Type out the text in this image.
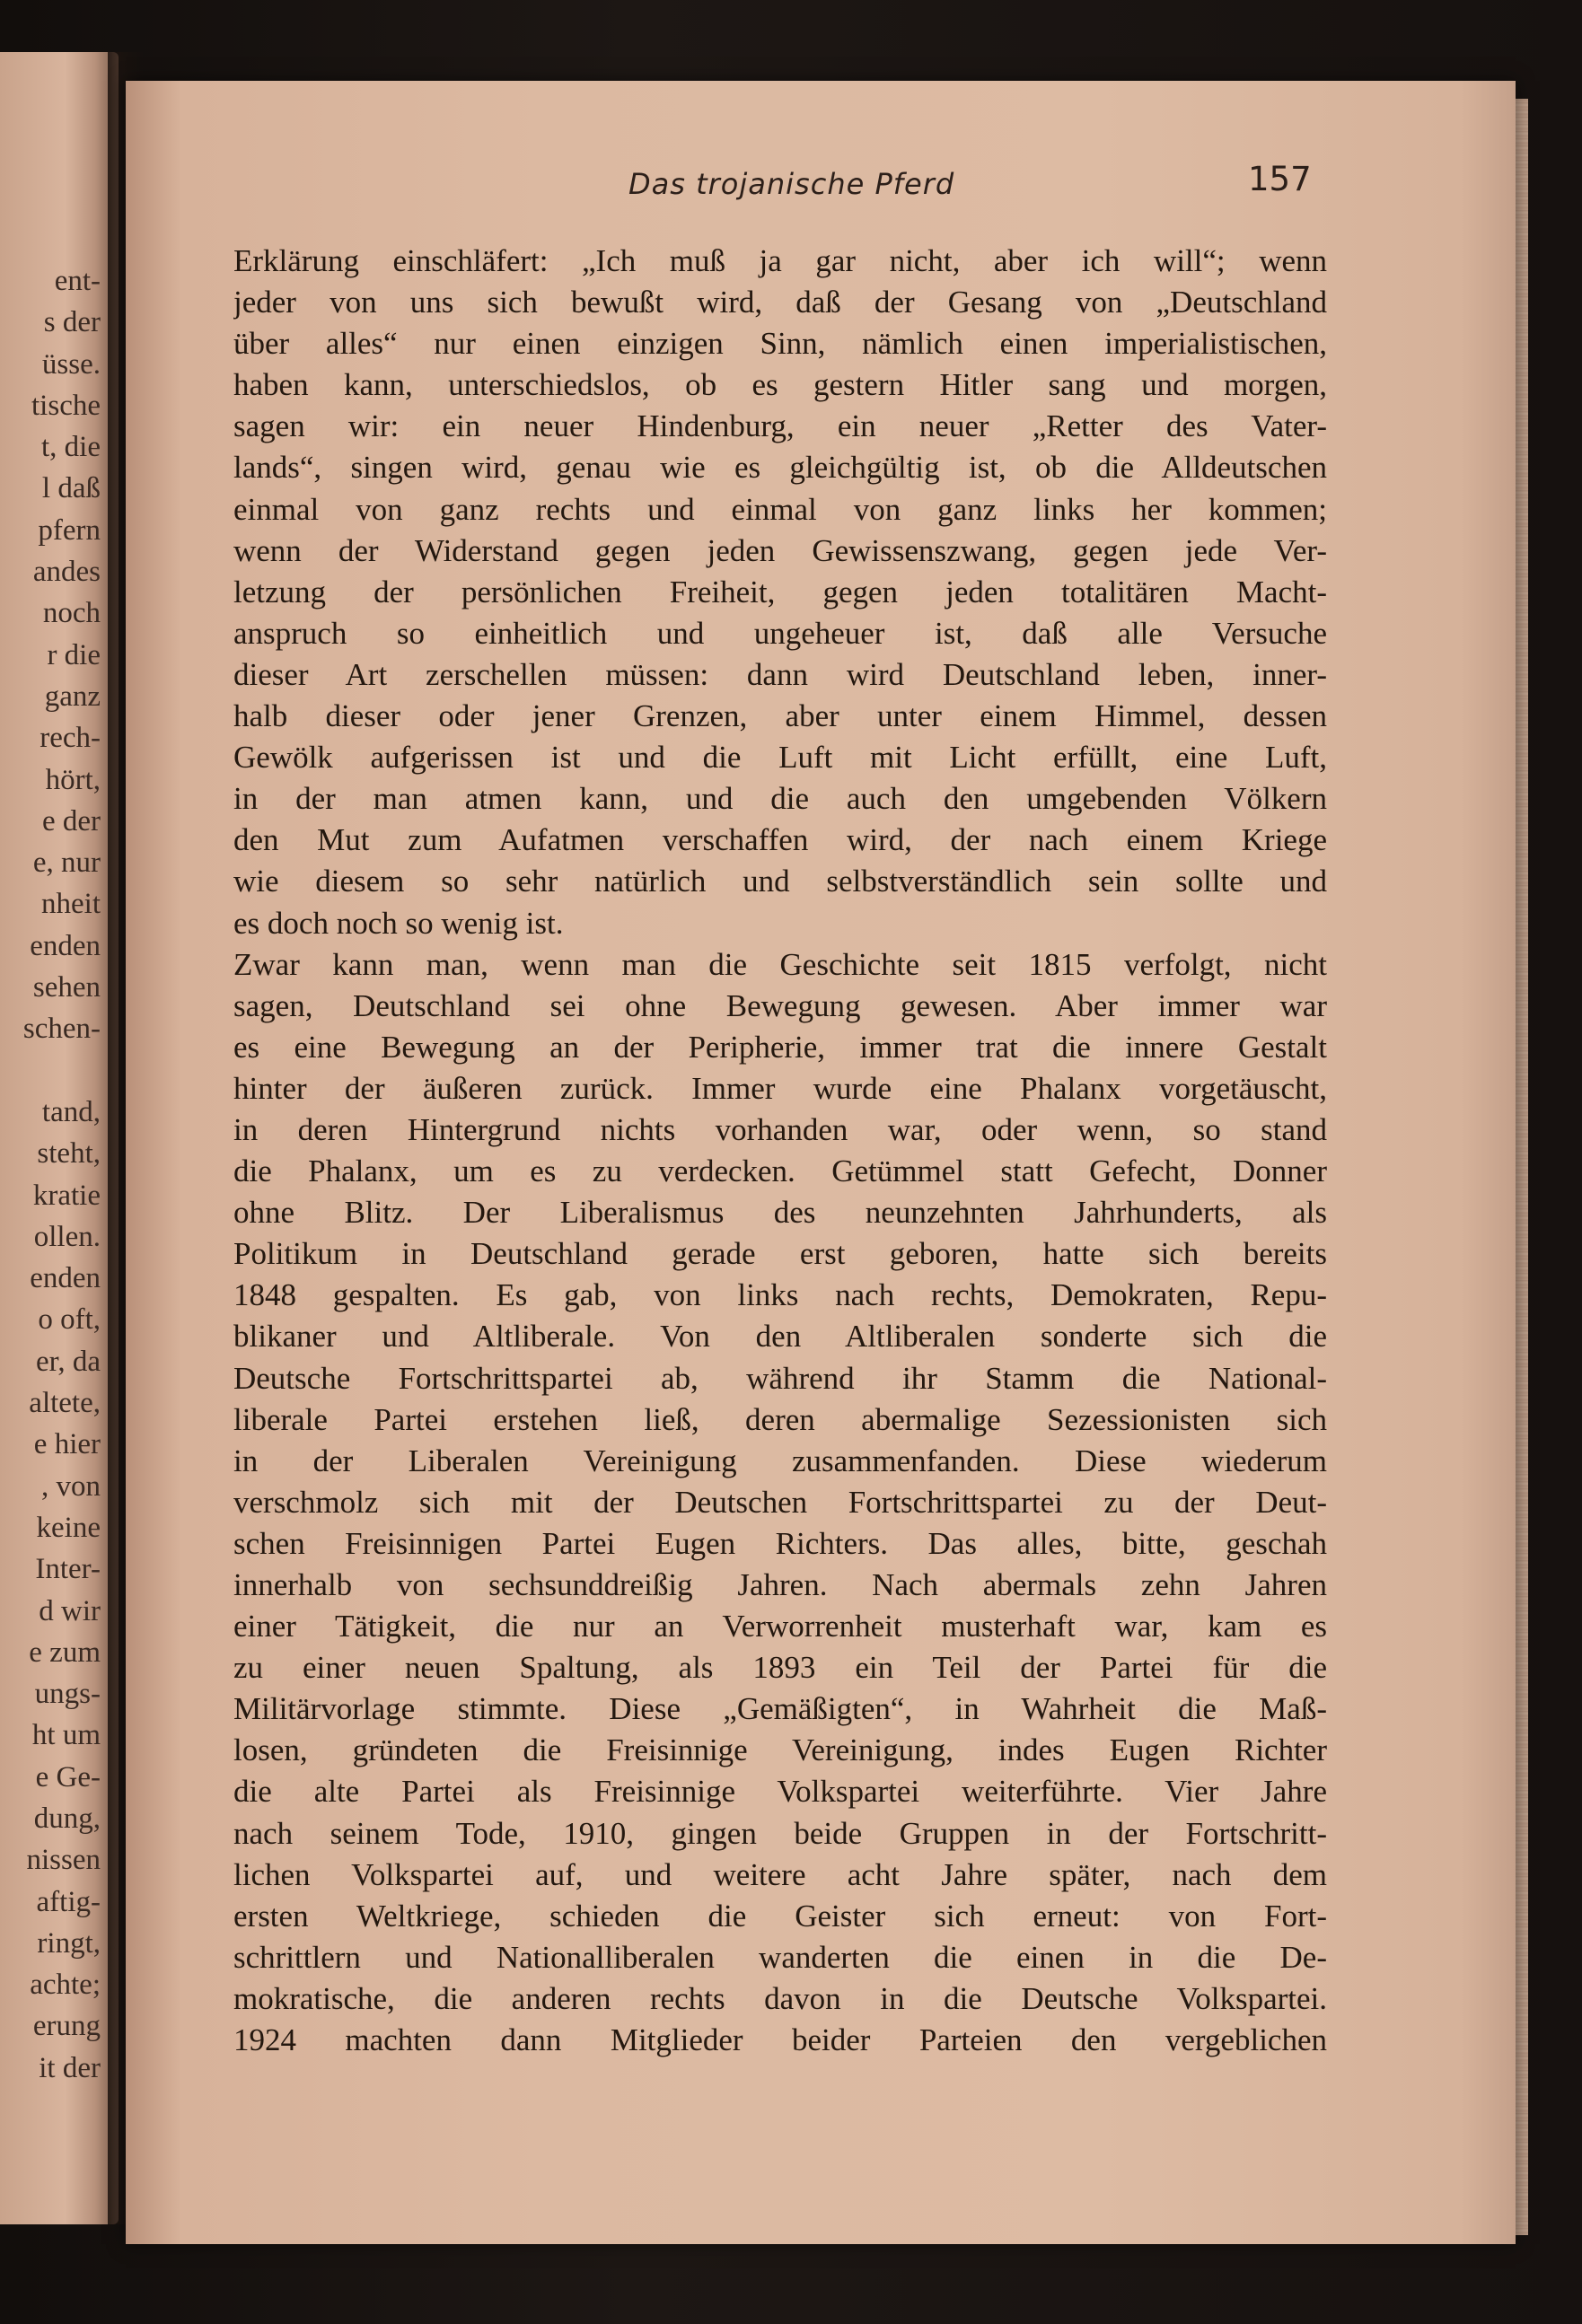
ent-
s der
üsse.
tische
t, die
l daß
pfern
andes
noch
r die
ganz
rech-
hört,
e der
e, nur
nheit
enden
sehen
schen-
tand,
steht,
kratie
ollen.
enden
o oft,
er, da
altete,
e hier
, von
keine
Inter-
d wir
e zum
ungs-
ht um
e Ge-
dung,
nissen
aftig-
ringt,
achte;
erung
it der
Das trojanische Pferd	157
Erklärung einschläfert: „Ich muß ja gar nicht, aber ich will“; wenn
jeder von uns sich bewußt wird, daß der Gesang von „Deutschland
über alles“ nur einen einzigen Sinn, nämlich einen imperialistischen,
haben kann, unterschiedslos, ob es gestern Hitler sang und morgen,
sagen wir: ein neuer Hindenburg, ein neuer „Retter des Vater-
lands“, singen wird, genau wie es gleichgültig ist, ob die Alldeutschen
einmal von ganz rechts und einmal von ganz links her kommen;
wenn der Widerstand gegen jeden Gewissenszwang, gegen jede Ver-
letzung der persönlichen Freiheit, gegen jeden totalitären Macht-
anspruch so einheitlich und ungeheuer ist, daß alle Versuche
dieser Art zerschellen müssen: dann wird Deutschland leben, inner-
halb dieser oder jener Grenzen, aber unter einem Himmel, dessen
Gewölk aufgerissen ist und die Luft mit Licht erfüllt, eine Luft,
in der man atmen kann, und die auch den umgebenden Völkern
den Mut zum Aufatmen verschaffen wird, der nach einem Kriege
wie diesem so sehr natürlich und selbstverständlich sein sollte und
es doch noch so wenig ist.
Zwar kann man, wenn man die Geschichte seit 1815 verfolgt, nicht
sagen, Deutschland sei ohne Bewegung gewesen. Aber immer war
es eine Bewegung an der Peripherie, immer trat die innere Gestalt
hinter der äußeren zurück. Immer wurde eine Phalanx vorgetäuscht,
in deren Hintergrund nichts vorhanden war, oder wenn, so stand
die Phalanx, um es zu verdecken. Getümmel statt Gefecht, Donner
ohne Blitz. Der Liberalismus des neunzehnten Jahrhunderts, als
Politikum in Deutschland gerade erst geboren, hatte sich bereits
1848 gespalten. Es gab, von links nach rechts, Demokraten, Repu-
blikaner und Altliberale. Von den Altliberalen sonderte sich die
Deutsche Fortschrittspartei ab, während ihr Stamm die National-
liberale Partei erstehen ließ, deren abermalige Sezessionisten sich
in der Liberalen Vereinigung zusammenfanden. Diese wiederum
verschmolz sich mit der Deutschen Fortschrittspartei zu der Deut-
schen Freisinnigen Partei Eugen Richters. Das alles, bitte, geschah
innerhalb von sechsunddreißig Jahren. Nach abermals zehn Jahren
einer Tätigkeit, die nur an Verworrenheit musterhaft war, kam es
zu einer neuen Spaltung, als 1893 ein Teil der Partei für die
Militärvorlage stimmte. Diese „Gemäßigten“, in Wahrheit die Maß-
losen, gründeten die Freisinnige Vereinigung, indes Eugen Richter
die alte Partei als Freisinnige Volkspartei weiterführte. Vier Jahre
nach seinem Tode, 1910, gingen beide Gruppen in der Fortschritt-
lichen Volkspartei auf, und weitere acht Jahre später, nach dem
ersten Weltkriege, schieden die Geister sich erneut: von Fort-
schrittlern und Nationalliberalen wanderten die einen in die De-
mokratische, die anderen rechts davon in die Deutsche Volkspartei.
1924 machten dann Mitglieder beider Parteien den vergeblichen
